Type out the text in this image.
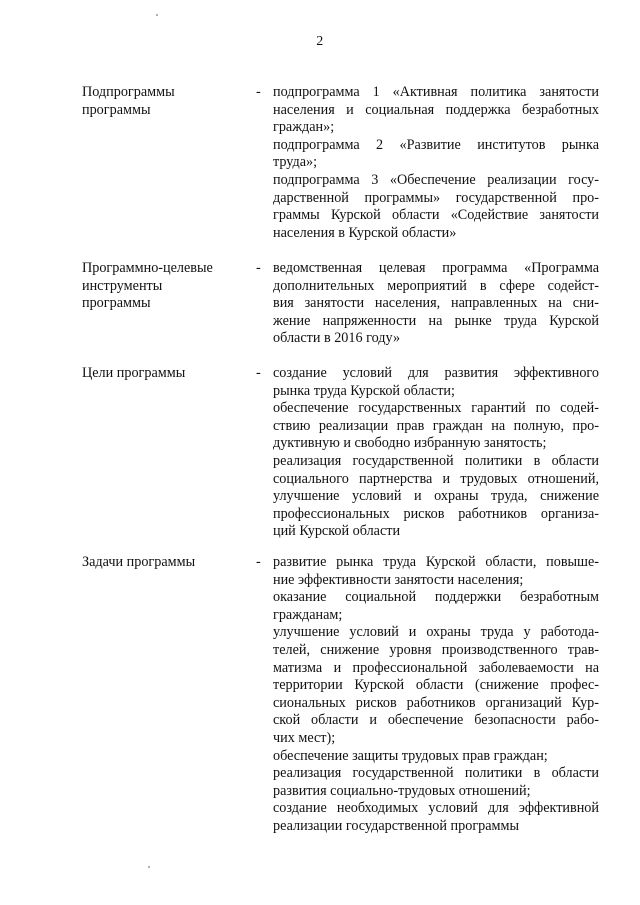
2
Подпрограммы
программы
- подпрограмма 1 «Активная политика занятости
населения и социальная поддержка безработных
граждан»;
подпрограмма 2 «Развитие институтов рынка
труда»;
подпрограмма 3 «Обеспечение реализации госу-
дарственной программы» государственной про-
граммы Курской области «Содействие занятости
населения в Курской области»
Программно-целевые
инструменты
программы
- ведомственная целевая программа «Программа
дополнительных мероприятий в сфере содейст-
вия занятости населения, направленных на сни-
жение напряженности на рынке труда Курской
области в 2016 году»
Цели программы	- создание условий для развития эффективного
рынка труда Курской области;
обеспечение государственных гарантий по содей-
ствию реализации прав граждан на полную, про-
дуктивную и свободно избранную занятость;
реализация государственной политики в области
социального партнерства и трудовых отношений,
улучшение условий и охраны труда, снижение
профессиональных рисков работников организа-
ций Курской области
Задачи программы	- развитие рынка труда Курской области, повыше-
ние эффективности занятости населения;
оказание социальной поддержки безработным
гражданам;
улучшение условий и охраны труда у работода-
телей, снижение уровня производственного трав-
матизма и профессиональной заболеваемости на
территории Курской области (снижение профес-
сиональных рисков работников организаций Кур-
ской области и обеспечение безопасности рабо-
чих мест);
обеспечение защиты трудовых прав граждан;
реализация государственной политики в области
развития социально-трудовых отношений;
создание необходимых условий для эффективной
реализации государственной программы
